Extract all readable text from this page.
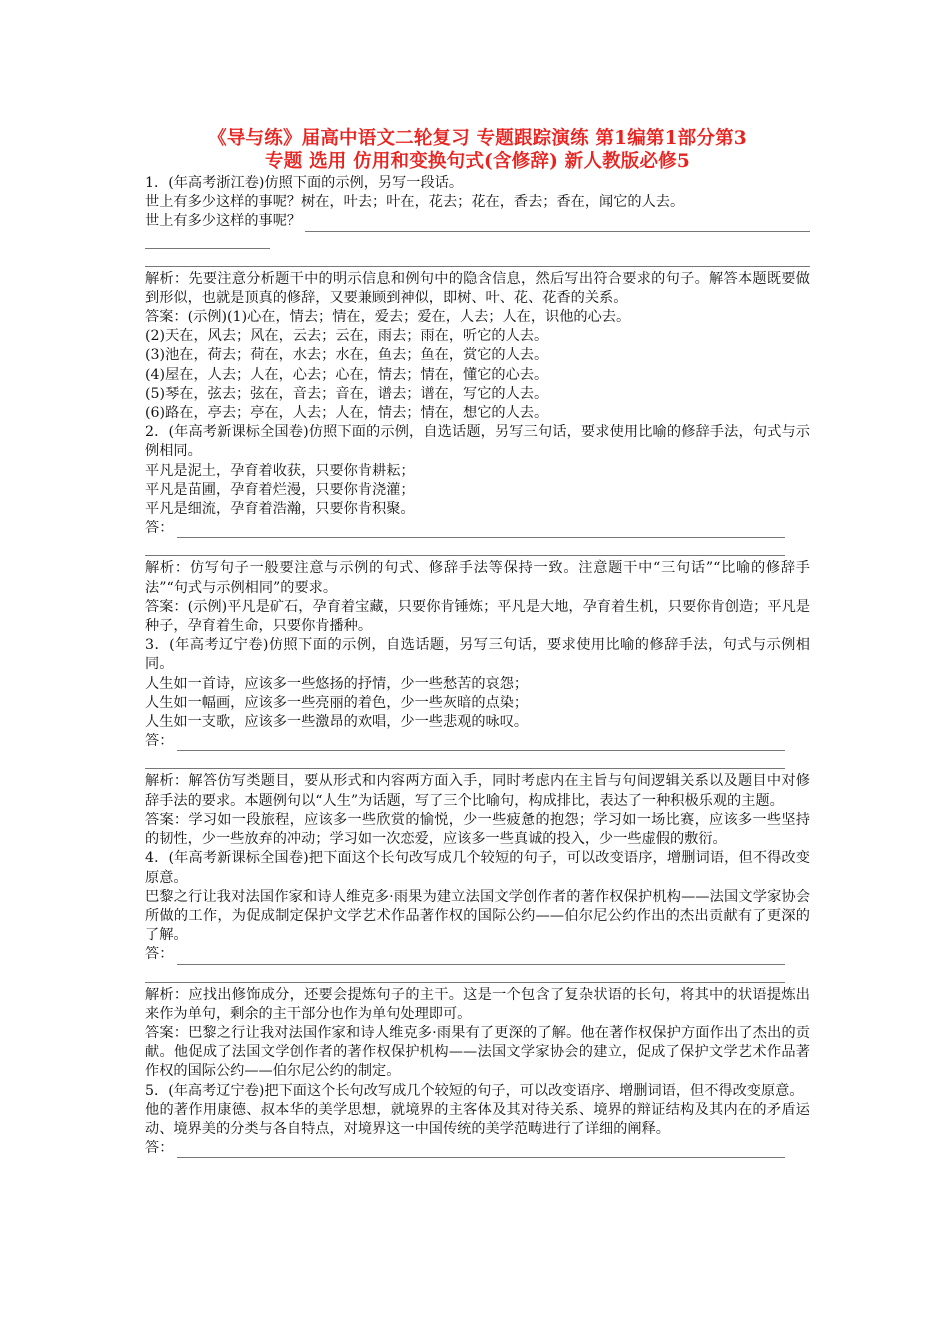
《导与练》届高中语文二轮复习 专题跟踪演练 第1编第1部分第3
专题 选用 仿用和变换句式(含修辞) 新人教版必修5
1．(年高考浙江卷)仿照下面的示例，另写一段话。
世上有多少这样的事呢？树在，叶去；叶在，花去；花在，香去；香在，闻它的人去。
世上有多少这样的事呢？
解析：先要注意分析题干中的明示信息和例句中的隐含信息，然后写出符合要求的句子。解答本题既要做到形似，也就是顶真的修辞，又要兼顾到神似，即树、叶、花、花香的关系。
答案：(示例)(1)心在，情去；情在，爱去；爱在，人去；人在，识他的心去。
(2)天在，风去；风在，云去；云在，雨去；雨在，听它的人去。
(3)池在，荷去；荷在，水去；水在，鱼去；鱼在，赏它的人去。
(4)屋在，人去；人在，心去；心在，情去；情在，懂它的心去。
(5)琴在，弦去；弦在，音去；音在，谱去；谱在，写它的人去。
(6)路在，亭去；亭在，人去；人在，情去；情在，想它的人去。
2．(年高考新课标全国卷)仿照下面的示例，自选话题，另写三句话，要求使用比喻的修辞手法，句式与示例相同。
平凡是泥土，孕育着收获，只要你肯耕耘；
平凡是苗圃，孕育着烂漫，只要你肯浇灌；
平凡是细流，孕育着浩瀚，只要你肯积聚。
答：
解析：仿写句子一般要注意与示例的句式、修辞手法等保持一致。注意题干中“三句话”“比喻的修辞手法”“句式与示例相同”的要求。
答案：(示例)平凡是矿石，孕育着宝藏，只要你肯锤炼；平凡是大地，孕育着生机，只要你肯创造；平凡是种子，孕育着生命，只要你肯播种。
3．(年高考辽宁卷)仿照下面的示例，自选话题，另写三句话，要求使用比喻的修辞手法，句式与示例相同。
人生如一首诗，应该多一些悠扬的抒情，少一些愁苦的哀怨；
人生如一幅画，应该多一些亮丽的着色，少一些灰暗的点染；
人生如一支歌，应该多一些激昂的欢唱，少一些悲观的咏叹。
答：
解析：解答仿写类题目，要从形式和内容两方面入手，同时考虑内在主旨与句间逻辑关系以及题目中对修辞手法的要求。本题例句以“人生”为话题，写了三个比喻句，构成排比，表达了一种积极乐观的主题。
答案：学习如一段旅程，应该多一些欣赏的愉悦，少一些疲惫的抱怨；学习如一场比赛，应该多一些坚持的韧性，少一些放弃的冲动；学习如一次恋爱，应该多一些真诚的投入，少一些虚假的敷衍。
4．(年高考新课标全国卷)把下面这个长句改写成几个较短的句子，可以改变语序，增删词语，但不得改变原意。
巴黎之行让我对法国作家和诗人维克多·雨果为建立法国文学创作者的著作权保护机构——法国文学家协会所做的工作，为促成制定保护文学艺术作品著作权的国际公约——伯尔尼公约作出的杰出贡献有了更深的了解。
答：
解析：应找出修饰成分，还要会提炼句子的主干。这是一个包含了复杂状语的长句，将其中的状语提炼出来作为单句，剩余的主干部分也作为单句处理即可。
答案：巴黎之行让我对法国作家和诗人维克多·雨果有了更深的了解。他在著作权保护方面作出了杰出的贡献。他促成了法国文学创作者的著作权保护机构——法国文学家协会的建立，促成了保护文学艺术作品著作权的国际公约——伯尔尼公约的制定。
5．(年高考辽宁卷)把下面这个长句改写成几个较短的句子，可以改变语序、增删词语，但不得改变原意。
他的著作用康德、叔本华的美学思想，就境界的主客体及其对待关系、境界的辩证结构及其内在的矛盾运动、境界美的分类与各自特点，对境界这一中国传统的美学范畴进行了详细的阐释。
答：
